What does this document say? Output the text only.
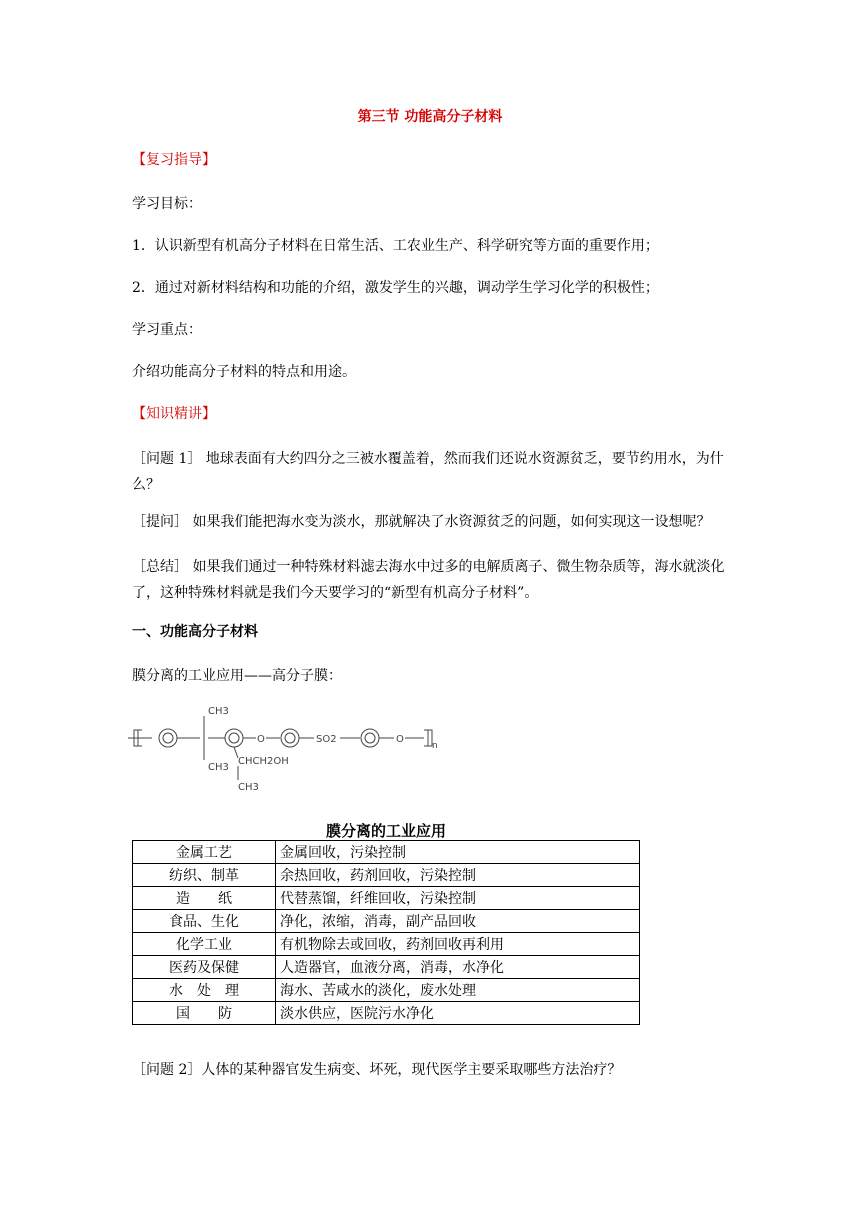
第三节 功能高分子材料
【复习指导】
学习目标：
1．认识新型有机高分子材料在日常生活、工农业生产、科学研究等方面的重要作用；
2．通过对新材料结构和功能的介绍，激发学生的兴趣，调动学生学习化学的积极性；
学习重点：
介绍功能高分子材料的特点和用途。
【知识精讲】
［问题 1］ 地球表面有大约四分之三被水覆盖着，然而我们还说水资源贫乏，要节约用水，为什么？
［提问］ 如果我们能把海水变为淡水，那就解决了水资源贫乏的问题，如何实现这一设想呢？
［总结］ 如果我们通过一种特殊材料滤去海水中过多的电解质离子、微生物杂质等，海水就淡化了，这种特殊材料就是我们今天要学习的“新型有机高分子材料”。
一、功能高分子材料
膜分离的工业应用——高分子膜：
CH3
CH3
CHCH2OH
CH3
O	SO2	O
n
膜分离的工业应用
金属工艺	金属回收，污染控制
纺织、制革	余热回收，药剂回收，污染控制
造　　纸	代替蒸馏，纤维回收，污染控制
食品、生化	净化，浓缩，消毒，副产品回收
化学工业	有机物除去或回收，药剂回收再利用
医药及保健	人造器官，血液分离，消毒，水净化
水　处　理	海水、苦咸水的淡化，废水处理
国　　防	淡水供应，医院污水净化
［问题 2］人体的某种器官发生病变、坏死，现代医学主要采取哪些方法治疗？
